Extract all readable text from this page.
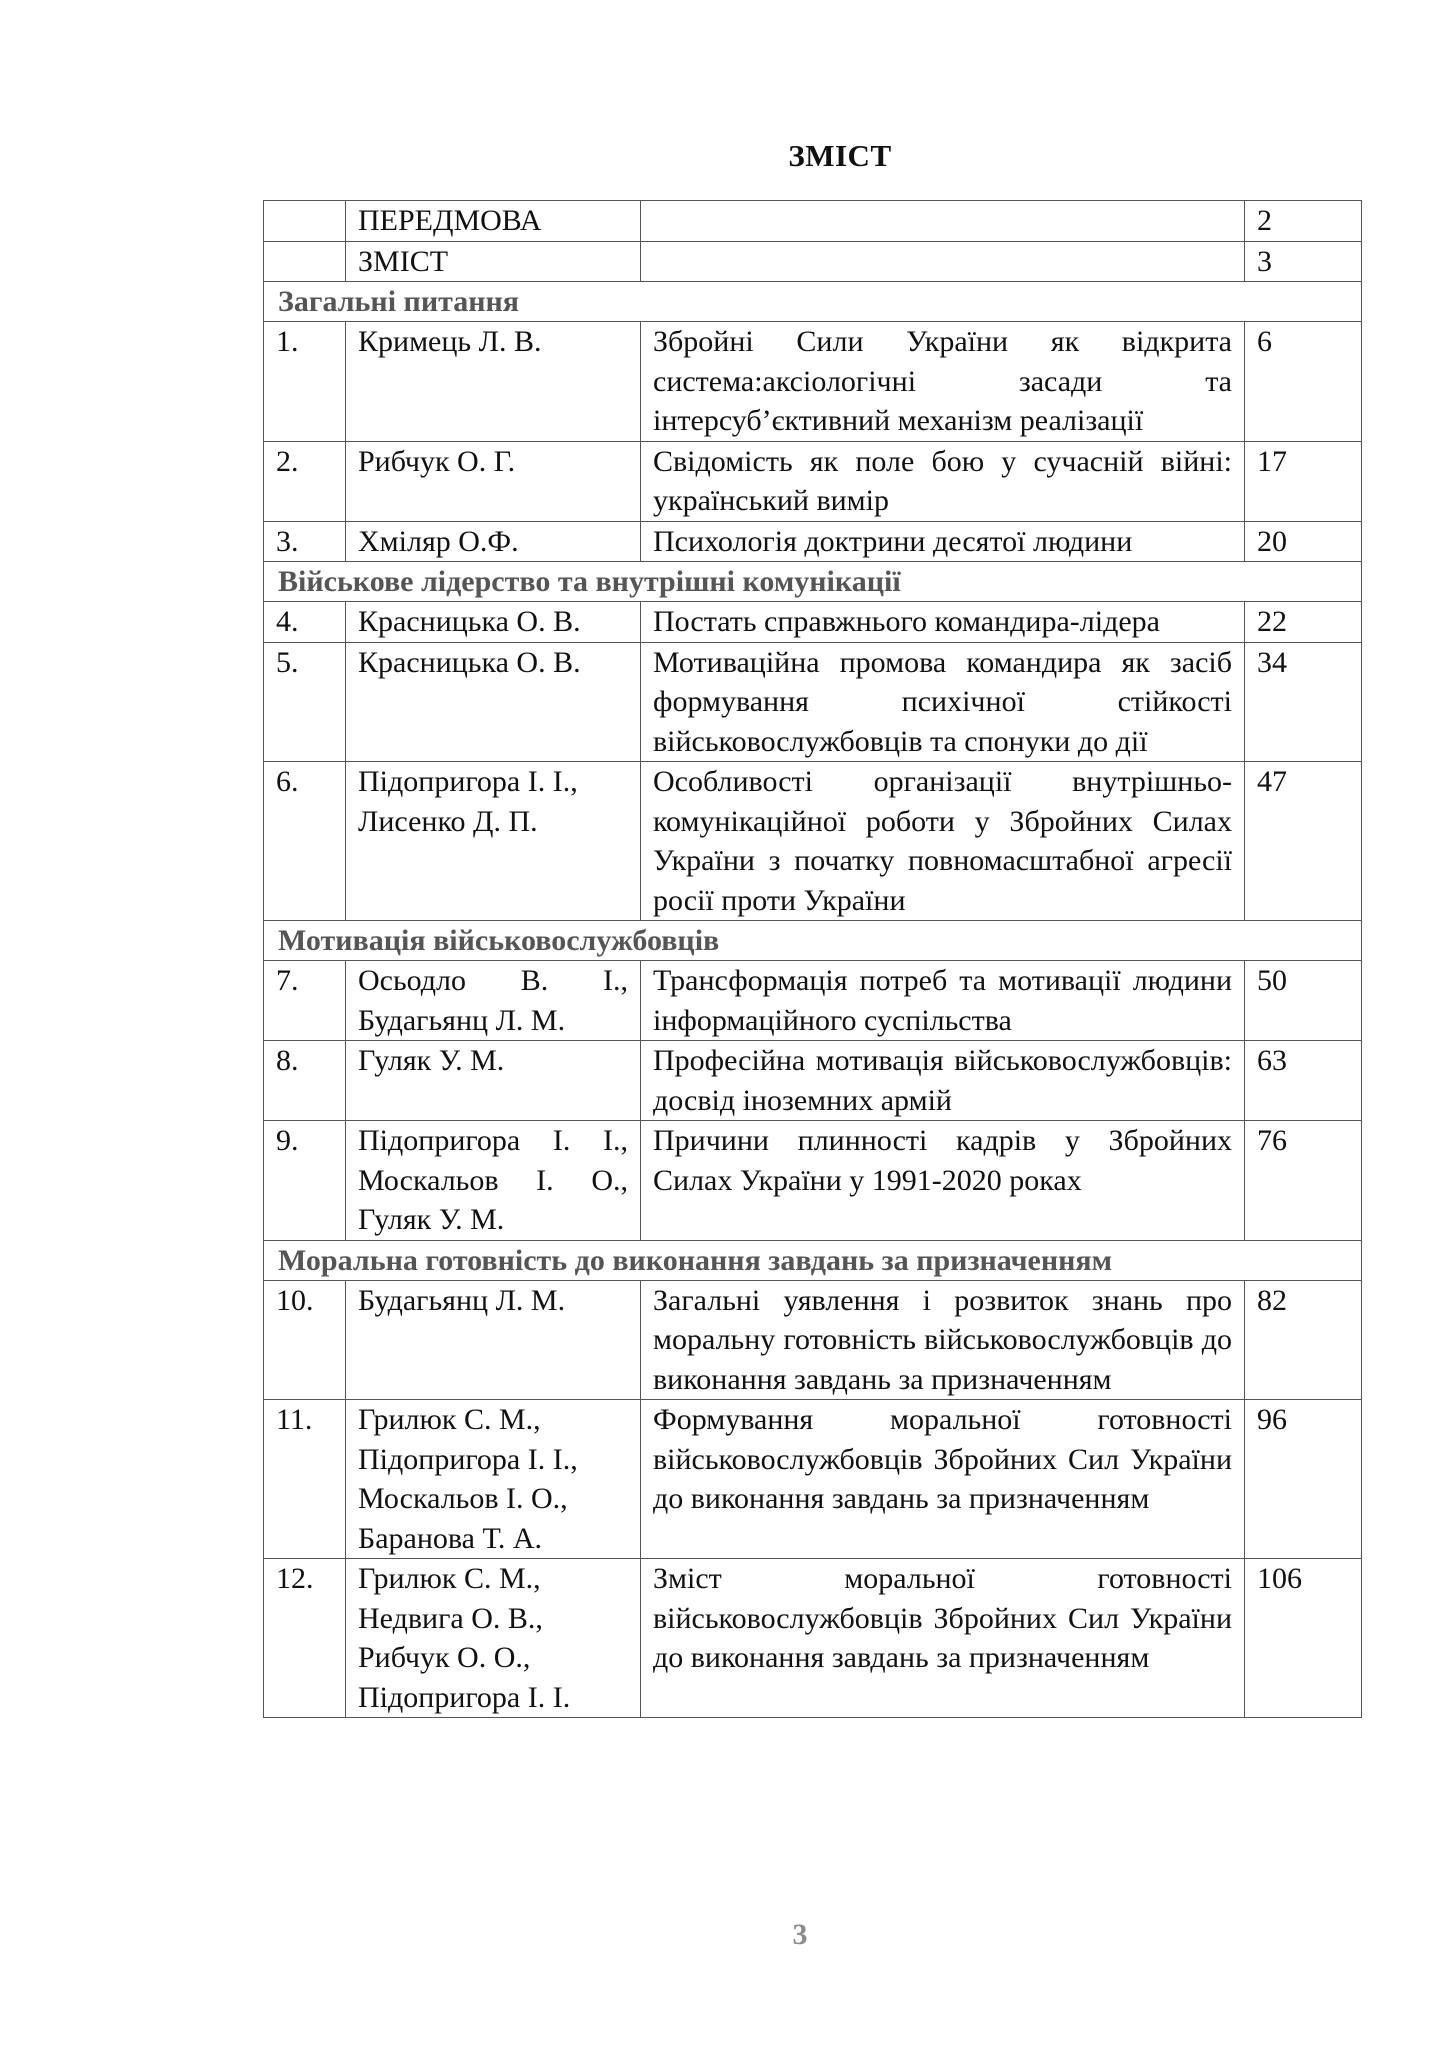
ЗМІСТ
	ПЕРЕДМОВА		2
	ЗМІСТ		3
Загальні питання			
1.	Кримець Л. В.	Збройні Сили України як відкрита система:аксіологічні засади та інтерсуб’єктивний механізм реалізації	6
2.	Рибчук О. Г.	Свідомість як поле бою у сучасній війні: український вимір	17
3.	Хміляр О.Ф.	Психологія доктрини десятої людини	20
Військове лідерство та внутрішні комунікації			
4.	Красницька О. В.	Постать справжнього командира-лідера	22
5.	Красницька О. В.	Мотиваційна промова командира як засіб формування психічної стійкості військовослужбовців та спонуки до дії	34
6.	Підопригора І. І., Лисенко Д. П.	Особливості організації внутрішньо-комунікаційної роботи у Збройних Силах України з початку повномасштабної агресії росії проти України	47
Мотивація військовослужбовців			
7.	Осьодло В. І., Будагьянц Л. М.	Трансформація потреб та мотивації людини інформаційного суспільства	50
8.	Гуляк У. М.	Професійна мотивація військовослужбовців: досвід іноземних армій	63
9.	Підопригора І. І., Москальов І. О., Гуляк У. М.	Причини плинності кадрів у Збройних Силах України у 1991-2020 роках	76
Моральна готовність до виконання завдань за призначенням			
10.	Будагьянц Л. М.	Загальні уявлення і розвиток знань про моральну готовність військовослужбовців до виконання завдань за призначенням	82
11.	Грилюк С. М., Підопригора І. І., Москальов І. О., Баранова Т. А.	Формування моральної готовності військовослужбовців Збройних Сил України до виконання завдань за призначенням	96
12.	Грилюк С. М., Недвига О. В., Рибчук О. О., Підопригора І. І.	Зміст моральної готовності військовослужбовців Збройних Сил України до виконання завдань за призначенням	106
3
